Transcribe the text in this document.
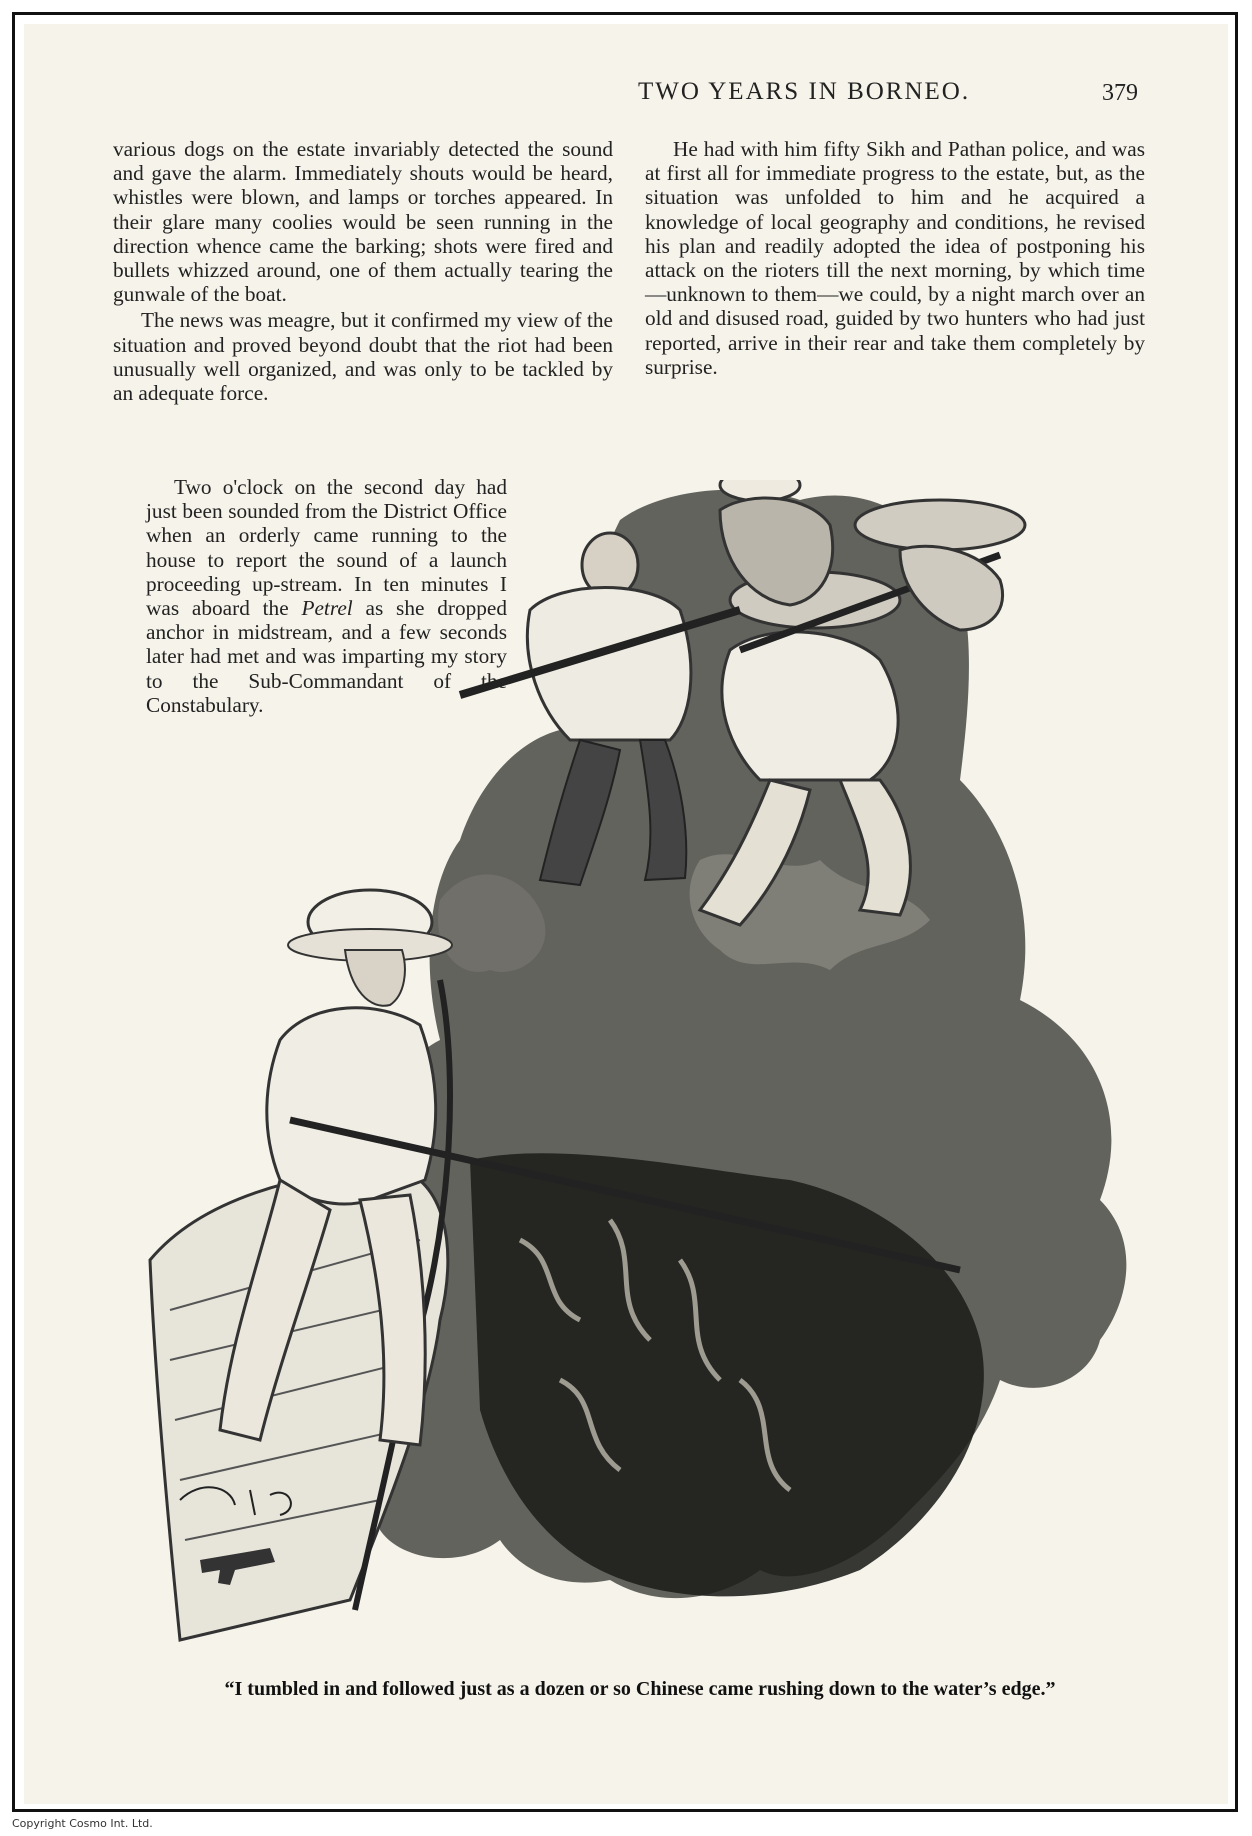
TWO YEARS IN BORNEO.	379

various dogs on the estate invariably detected the sound and gave the alarm. Immediately shouts would be heard, whistles were blown, and lamps or torches appeared. In their glare many coolies would be seen running in the direction whence came the barking; shots were fired and bullets whizzed around, one of them actually tearing the gunwale of the boat.

The news was meagre, but it confirmed my view of the situation and proved beyond doubt that the riot had been unusually well organized, and was only to be tackled by an adequate force.

Two o'clock on the second day had just been sounded from the District Office when an orderly came running to the house to report the sound of a launch proceeding up-stream. In ten minutes I was aboard the Petrel as she dropped anchor in midstream, and a few seconds later had met and was imparting my story to the Sub-Commandant of the Constabulary.

He had with him fifty Sikh and Pathan police, and was at first all for immediate progress to the estate, but, as the situation was unfolded to him and he acquired a knowledge of local geography and conditions, he revised his plan and readily adopted the idea of postponing his attack on the rioters till the next morning, by which time—unknown to them—we could, by a night march over an old and disused road, guided by two hunters who had just reported, arrive in their rear and take them completely by surprise.

“I tumbled in and followed just as a dozen or so Chinese came rushing down to the water’s edge.”
Copyright Cosmo Int. Ltd.
